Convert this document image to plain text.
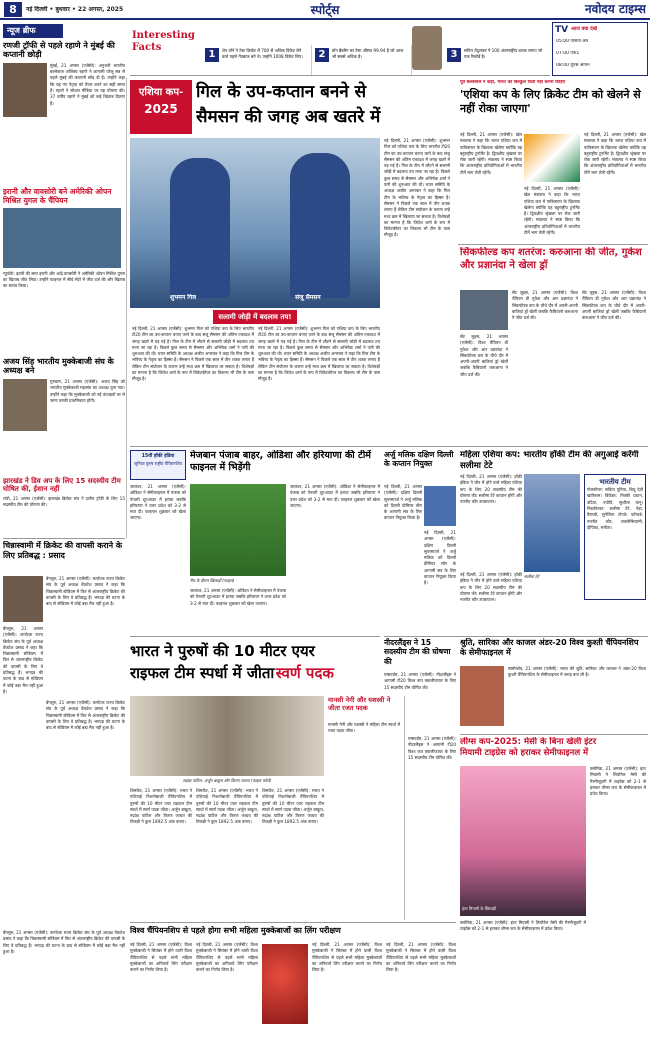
8	नई दिल्ली • बुधवार • 22 अगस्त, 2025	स्पोर्ट्स	नवोदय टाइम्स
Interesting Facts
1	शेन वॉर्न ने टेस्ट क्रिकेट में 700 से अधिक विकेट लेने वाले पहले गेंदबाज बने थे। उन्होंने 1008 विकेट लिए।	2	डॉन ब्रैडमैन का टेस्ट औसत 99.94 है जो आज भी सबसे अधिक है।	3	सचिन तेंदुलकर ने 100 अंतरराष्ट्रीय शतक लगाए जो एक रिकॉर्ड है।
TV आज क्या देखें
05:00 एशिया कप
07:00 एफ1
08:00 यूएस ओपन
न्यूज ब्रीफ
रणजी ट्रॉफी से पहले रहाणे ने मुंबई की कप्तानी छोड़ी
मुंबई, 21 अगस्त (एजेंसी): अनुभवी भारतीय बल्लेबाज अजिंक्य रहाणे ने आगामी घरेलू सत्र से पहले मुंबई की कप्तानी छोड़ दी है। उन्होंने कहा कि यह नए नेतृत्व को तैयार करने का सही समय है। रहाणे ने सोशल मीडिया पर यह घोषणा की। 37 वर्षीय रहाणे ने मुंबई को कई खिताब दिलाए हैं।
इरानी और वावसोरी बने अमेरिकी ओपन मिश्रित युगल के चैंपियन
न्यूयॉर्क: इटली की सारा इरानी और आंद्रे वावसोरी ने अमेरिकी ओपन मिश्रित युगल का खिताब जीत लिया। उन्होंने फाइनल में सीधे सेटों में जीत दर्ज की और खिताब का बचाव किया।
अजय सिंह भारतीय मुक्केबाजी संघ के अध्यक्ष बने
गुरुग्राम, 21 अगस्त (एजेंसी): अजय सिंह को भारतीय मुक्केबाजी महासंघ का अध्यक्ष चुना गया। उन्होंने कहा कि मुक्केबाजी को नई ऊंचाइयों पर ले जाना उनकी प्राथमिकता होगी।
झारखंड ने डिव अप के लिए 15 सदस्यीय टीम घोषित की, ईशान नहीं
रांची, 21 अगस्त (एजेंसी): झारखंड क्रिकेट संघ ने दलीप ट्रॉफी के लिए 15 सदस्यीय टीम की घोषणा की।
एशिया कप-
2025
गिल के उप-कप्तान बनने से
सैमसन की जगह अब खतरे में
शुभमन गिल	संजू सैमसन
सलामी जोड़ी में बदलाव तय!
नई दिल्ली, 21 अगस्त (एजेंसी): शुभमन गिल को एशिया कप के लिए भारतीय टी20 टीम का उप-कप्तान बनाए जाने के बाद संजू सैमसन की अंतिम एकादश में जगह खतरे में पड़ गई है। गिल के टीम में लौटने से सलामी जोड़ी में बदलाव तय माना जा रहा है। पिछले कुछ समय से सैमसन और अभिषेक शर्मा ने पारी की शुरुआत की थी। चयन समिति के अध्यक्ष अजीत अगरकर ने कहा कि गिल टीम के भविष्य के नेतृत्व का हिस्सा हैं। सैमसन ने पिछले एक साल में तीन शतक लगाए हैं लेकिन टीम संयोजन के कारण उन्हें मध्य क्रम में खिलाया जा सकता है। विशेषज्ञों का मानना है कि जितेश शर्मा के रूप में विकेटकीपर का विकल्प भी टीम के पास मौजूद है।
नई दिल्ली, 21 अगस्त (एजेंसी): शुभमन गिल को एशिया कप के लिए भारतीय टी20 टीम का उप-कप्तान बनाए जाने के बाद संजू सैमसन की अंतिम एकादश में जगह खतरे में पड़ गई है। गिल के टीम में लौटने से सलामी जोड़ी में बदलाव तय माना जा रहा है। पिछले कुछ समय से सैमसन और अभिषेक शर्मा ने पारी की शुरुआत की थी। चयन समिति के अध्यक्ष अजीत अगरकर ने कहा कि गिल टीम के भविष्य के नेतृत्व का हिस्सा हैं। सैमसन ने पिछले एक साल में तीन शतक लगाए हैं लेकिन टीम संयोजन के कारण उन्हें मध्य क्रम में खिलाया जा सकता है। विशेषज्ञों का मानना है कि जितेश शर्मा के रूप में विकेटकीपर का विकल्प भी टीम के पास मौजूद है।
नई दिल्ली, 21 अगस्त (एजेंसी): शुभमन गिल को एशिया कप के लिए भारतीय टी20 टीम का उप-कप्तान बनाए जाने के बाद संजू सैमसन की अंतिम एकादश में जगह खतरे में पड़ गई है। गिल के टीम में लौटने से सलामी जोड़ी में बदलाव तय माना जा रहा है। पिछले कुछ समय से सैमसन और अभिषेक शर्मा ने पारी की शुरुआत की थी। चयन समिति के अध्यक्ष अजीत अगरकर ने कहा कि गिल टीम के भविष्य के नेतृत्व का हिस्सा हैं। सैमसन ने पिछले एक साल में तीन शतक लगाए हैं लेकिन टीम संयोजन के कारण उन्हें मध्य क्रम में खिलाया जा सकता है। विशेषज्ञों का मानना है कि जितेश शर्मा के रूप में विकेटकीपर का विकल्प भी टीम के पास मौजूद है।
पूर्व बल्लेबाज ने कहा, भारत को बिल्कुल चिंता नहीं करनी चाहिए
'एशिया कप के लिए क्रिकेट टीम को खेलने से नहीं रोका जाएगा'
नई दिल्ली, 21 अगस्त (एजेंसी): खेल मंत्रालय ने कहा कि भारत एशिया कप में पाकिस्तान के खिलाफ खेलेगा क्योंकि यह बहुराष्ट्रीय टूर्नामेंट है। द्विपक्षीय श्रृंखला पर रोक जारी रहेगी। मंत्रालय ने स्पष्ट किया कि अंतरराष्ट्रीय प्रतियोगिताओं में भारतीय टीमें भाग लेती रहेंगी।
नई दिल्ली, 21 अगस्त (एजेंसी): खेल मंत्रालय ने कहा कि भारत एशिया कप में पाकिस्तान के खिलाफ खेलेगा क्योंकि यह बहुराष्ट्रीय टूर्नामेंट है। द्विपक्षीय श्रृंखला पर रोक जारी रहेगी। मंत्रालय ने स्पष्ट किया कि अंतरराष्ट्रीय प्रतियोगिताओं में भारतीय टीमें भाग लेती रहेंगी।
नई दिल्ली, 21 अगस्त (एजेंसी): खेल मंत्रालय ने कहा कि भारत एशिया कप में पाकिस्तान के खिलाफ खेलेगा क्योंकि यह बहुराष्ट्रीय टूर्नामेंट है। द्विपक्षीय श्रृंखला पर रोक जारी रहेगी। मंत्रालय ने स्पष्ट किया कि अंतरराष्ट्रीय प्रतियोगिताओं में भारतीय टीमें भाग लेती रहेंगी।
सिंकफील्ड कप शतरंज: करुआना की जीत, गुकेश और प्रज्ञानंदा ने खेला ड्रॉ
सेंट लुइस, 21 अगस्त (एजेंसी): विश्व चैंपियन डी गुकेश और आर प्रज्ञानंदा ने सिंकफील्ड कप के चौथे दौर में अपनी-अपनी बाजियां ड्रॉ खेलीं जबकि फैबियानो करुआना ने जीत दर्ज की।
सेंट लुइस, 21 अगस्त (एजेंसी): विश्व चैंपियन डी गुकेश और आर प्रज्ञानंदा ने सिंकफील्ड कप के चौथे दौर में अपनी-अपनी बाजियां ड्रॉ खेलीं जबकि फैबियानो करुआना ने जीत दर्ज की।
सेंट लुइस, 21 अगस्त (एजेंसी): विश्व चैंपियन डी गुकेश और आर प्रज्ञानंदा ने सिंकफील्ड कप के चौथे दौर में अपनी-अपनी बाजियां ड्रॉ खेलीं जबकि फैबियानो करुआना ने जीत दर्ज की।
15वीं हॉकी इंडिया
जूनियर पुरुष राष्ट्रीय चैंपियनशिप
मेजबान पंजाब बाहर, ओडिशा और हरियाणा की टीमें फाइनल में भिड़ेंगी
जालंधर, 21 अगस्त (एजेंसी): ओडिशा ने सेमीफाइनल में पंजाब को पेनल्टी शूटआउट में हराया जबकि हरियाणा ने उत्तर प्रदेश को 3-2 से मात दी। फाइनल शुक्रवार को खेला जाएगा।
मैच के दौरान खिलाड़ी (फाइल)
जालंधर, 21 अगस्त (एजेंसी): ओडिशा ने सेमीफाइनल में पंजाब को पेनल्टी शूटआउट में हराया जबकि हरियाणा ने उत्तर प्रदेश को 3-2 से मात दी। फाइनल शुक्रवार को खेला जाएगा।
जालंधर, 21 अगस्त (एजेंसी): ओडिशा ने सेमीफाइनल में पंजाब को पेनल्टी शूटआउट में हराया जबकि हरियाणा ने उत्तर प्रदेश को 3-2 से मात दी। फाइनल शुक्रवार को खेला जाएगा।
अर्जु मलिक दक्षिण दिल्ली के कप्तान नियुक्त
नई दिल्ली, 21 अगस्त (एजेंसी): दक्षिण दिल्ली सुपरस्टार्ज ने अर्जु मलिक को दिल्ली प्रीमियर लीग के आगामी सत्र के लिए कप्तान नियुक्त किया है।
नई दिल्ली, 21 अगस्त (एजेंसी): दक्षिण दिल्ली सुपरस्टार्ज ने अर्जु मलिक को दिल्ली प्रीमियर लीग के आगामी सत्र के लिए कप्तान नियुक्त किया है।
महिला एशिया कप: भारतीय हॉकी टीम की अगुआई करेंगी सलीमा टेटे
नई दिल्ली, 21 अगस्त (एजेंसी): हॉकी इंडिया ने चीन में होने वाले महिला एशिया कप के लिए 20 सदस्यीय टीम की घोषणा की। सलीमा टेटे कप्तान होंगी और नवनीत कौर उपकप्तान।
सलीमा टेटे
भारतीय टीम
गोलकीपर: सविता पूनिया, बिचू देवी खारिबाम। डिफेंडर: निक्की प्रधान, उदिता, ज्योति, सुशीला चानू। मिडफील्डर: सलीमा टेटे, नेहा, वैष्णवी, सुनेलिता टोप्पो। फॉरवर्ड: नवनीत कौर, लालरेम्सियामी, दीपिका, संगीता।
नई दिल्ली, 21 अगस्त (एजेंसी): हॉकी इंडिया ने चीन में होने वाले महिला एशिया कप के लिए 20 सदस्यीय टीम की घोषणा की। सलीमा टेटे कप्तान होंगी और नवनीत कौर उपकप्तान।
चिन्नास्वामी में क्रिकेट की वापसी कराने के लिए प्रतिबद्ध : प्रसाद
बेंगलुरु, 21 अगस्त (एजेंसी): कर्नाटक राज्य क्रिकेट संघ के पूर्व अध्यक्ष वेंकटेश प्रसाद ने कहा कि चिन्नास्वामी स्टेडियम में फिर से अंतरराष्ट्रीय क्रिकेट की वापसी के लिए वे प्रतिबद्ध हैं। भगदड़ की घटना के बाद से स्टेडियम में कोई बड़ा मैच नहीं हुआ है।
बेंगलुरु, 21 अगस्त (एजेंसी): कर्नाटक राज्य क्रिकेट संघ के पूर्व अध्यक्ष वेंकटेश प्रसाद ने कहा कि चिन्नास्वामी स्टेडियम में फिर से अंतरराष्ट्रीय क्रिकेट की वापसी के लिए वे प्रतिबद्ध हैं। भगदड़ की घटना के बाद से स्टेडियम में कोई बड़ा मैच नहीं हुआ है।
बेंगलुरु, 21 अगस्त (एजेंसी): कर्नाटक राज्य क्रिकेट संघ के पूर्व अध्यक्ष वेंकटेश प्रसाद ने कहा कि चिन्नास्वामी स्टेडियम में फिर से अंतरराष्ट्रीय क्रिकेट की वापसी के लिए वे प्रतिबद्ध हैं। भगदड़ की घटना के बाद से स्टेडियम में कोई बड़ा मैच नहीं हुआ है।
नीदरलैंड्स ने 15 सदस्यीय टीम की घोषणा की
एम्सटर्डम, 21 अगस्त (एजेंसी): नीदरलैंड्स ने आगामी टी20 विश्व कप क्वालीफायर के लिए 15 सदस्यीय टीम घोषित की।
श्रुति, सारिका और काजल अंडर-20 विश्व कुश्ती चैंपियनशिप के सेमीफाइनल में
सामोकोव, 21 अगस्त (एजेंसी): भारत की श्रुति, सारिका और काजल ने अंडर-20 विश्व कुश्ती चैंपियनशिप के सेमीफाइनल में जगह बना ली है।
भारत ने पुरुषों की 10 मीटर एयर
राइफल टीम स्पर्धा में जीता स्वर्ण पदक
रुद्रांक्ष पाटिल, अर्जुन बाबूता और किरण जाधव (फाइल फोटो)
शिमकेंट, 21 अगस्त (एजेंसी): भारत ने एशियाई निशानेबाजी चैंपियनशिप में पुरुषों की 10 मीटर एयर राइफल टीम स्पर्धा में स्वर्ण पदक जीता। अर्जुन बाबूता, रुद्रांक्ष पाटिल और किरण जाधव की तिकड़ी ने कुल 1892.5 अंक बनाए।
शिमकेंट, 21 अगस्त (एजेंसी): भारत ने एशियाई निशानेबाजी चैंपियनशिप में पुरुषों की 10 मीटर एयर राइफल टीम स्पर्धा में स्वर्ण पदक जीता। अर्जुन बाबूता, रुद्रांक्ष पाटिल और किरण जाधव की तिकड़ी ने कुल 1892.5 अंक बनाए।
शिमकेंट, 21 अगस्त (एजेंसी): भारत ने एशियाई निशानेबाजी चैंपियनशिप में पुरुषों की 10 मीटर एयर राइफल टीम स्पर्धा में स्वर्ण पदक जीता। अर्जुन बाबूता, रुद्रांक्ष पाटिल और किरण जाधव की तिकड़ी ने कुल 1892.5 अंक बनाए।
मानसी नेगी और यशस्वी ने जीता रजत पदक
मानसी नेगी और यशस्वी ने महिला टीम स्पर्धा में रजत पदक जीता।
एम्सटर्डम, 21 अगस्त (एजेंसी): नीदरलैंड्स ने आगामी टी20 विश्व कप क्वालीफायर के लिए 15 सदस्यीय टीम घोषित की।
लीग्स कप-2025: मेसी के बिना खेली इंटर
मियामी टाइग्रेस को हराकर सेमीफाइनल में
इंटर मियामी के खिलाड़ी
फ्लोरिडा, 21 अगस्त (एजेंसी): इंटर मियामी ने लियोनेल मेसी की गैरमौजूदगी में टाइग्रेस को 2-1 से हराकर लीग्स कप के सेमीफाइनल में प्रवेश किया।
फ्लोरिडा, 21 अगस्त (एजेंसी): इंटर मियामी ने लियोनेल मेसी की गैरमौजूदगी में टाइग्रेस को 2-1 से हराकर लीग्स कप के सेमीफाइनल में प्रवेश किया।
विश्व चैंपियनशिप से पहले होगा सभी महिला मुक्केबाजों का लिंग परीक्षण
नई दिल्ली, 21 अगस्त (एजेंसी): विश्व मुक्केबाजी ने सितंबर में होने वाली विश्व चैंपियनशिप से पहले सभी महिला मुक्केबाजों का अनिवार्य लिंग परीक्षण कराने का निर्णय लिया है।
नई दिल्ली, 21 अगस्त (एजेंसी): विश्व मुक्केबाजी ने सितंबर में होने वाली विश्व चैंपियनशिप से पहले सभी महिला मुक्केबाजों का अनिवार्य लिंग परीक्षण कराने का निर्णय लिया है।
नई दिल्ली, 21 अगस्त (एजेंसी): विश्व मुक्केबाजी ने सितंबर में होने वाली विश्व चैंपियनशिप से पहले सभी महिला मुक्केबाजों का अनिवार्य लिंग परीक्षण कराने का निर्णय लिया है।
नई दिल्ली, 21 अगस्त (एजेंसी): विश्व मुक्केबाजी ने सितंबर में होने वाली विश्व चैंपियनशिप से पहले सभी महिला मुक्केबाजों का अनिवार्य लिंग परीक्षण कराने का निर्णय लिया है।
बेंगलुरु, 21 अगस्त (एजेंसी): कर्नाटक राज्य क्रिकेट संघ के पूर्व अध्यक्ष वेंकटेश प्रसाद ने कहा कि चिन्नास्वामी स्टेडियम में फिर से अंतरराष्ट्रीय क्रिकेट की वापसी के लिए वे प्रतिबद्ध हैं। भगदड़ की घटना के बाद से स्टेडियम में कोई बड़ा मैच नहीं हुआ है।
